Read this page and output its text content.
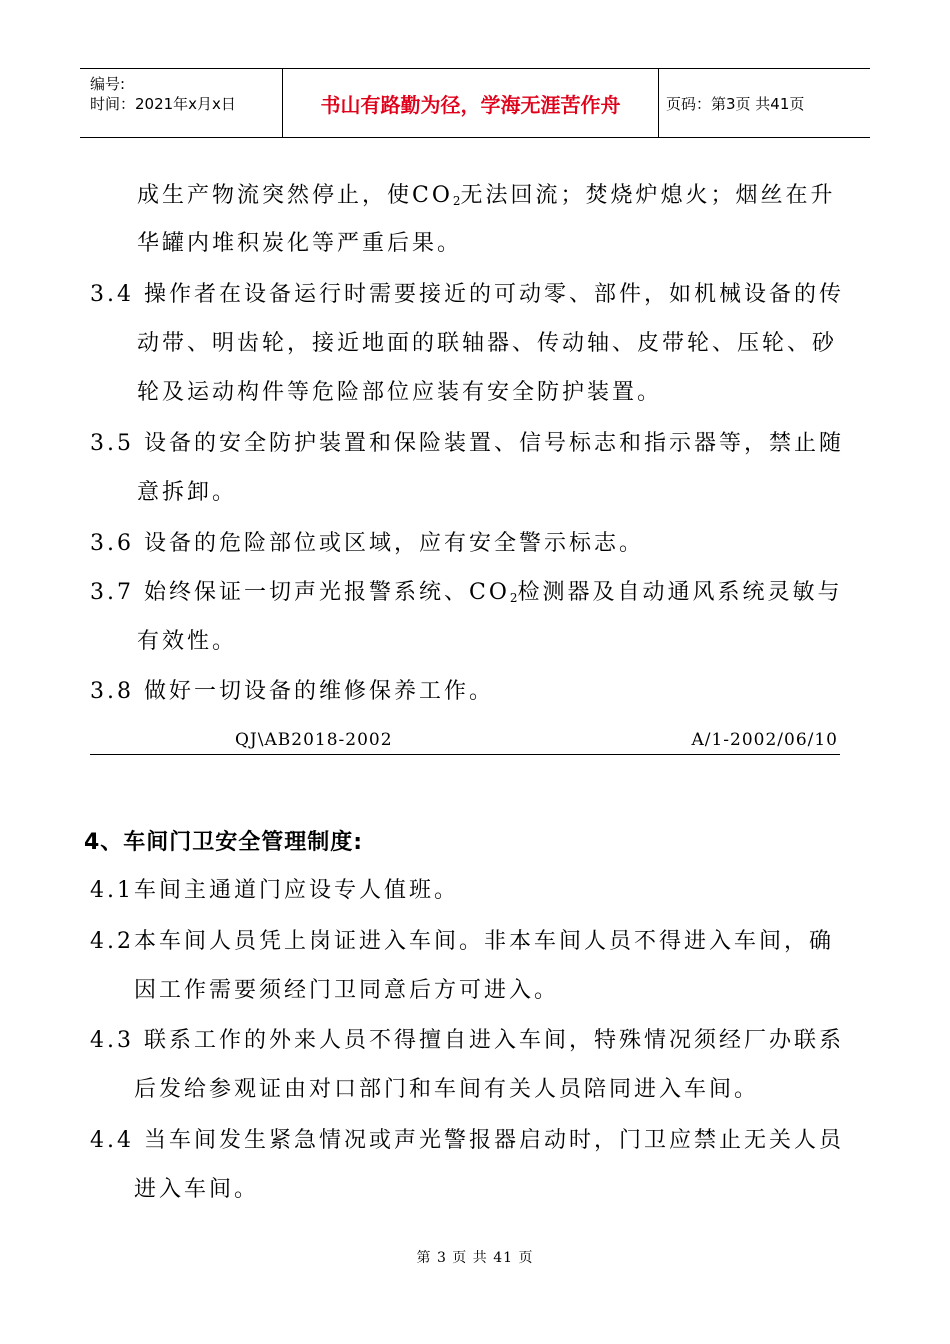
编号:
时间：2021年x月x日	书山有路勤为径，学海无涯苦作舟	页码：第3页 共41页
成生产物流突然停止，使$CO_2$无法回流；焚烧炉熄火；烟丝在升
华罐内堆积炭化等严重后果。
3.4 操作者在设备运行时需要接近的可动零、部件，如机械设备的传
动带、明齿轮，接近地面的联轴器、传动轴、皮带轮、压轮、砂
轮及运动构件等危险部位应装有安全防护装置。
3.5 设备的安全防护装置和保险装置、信号标志和指示器等，禁止随
意拆卸。
3.6 设备的危险部位或区域，应有安全警示标志。
3.7 始终保证一切声光报警系统、$CO_2$检测器及自动通风系统灵敏与
有效性。
3.8 做好一切设备的维修保养工作。
QJ\AB2018-2002	A/1-2002/06/10
4、车间门卫安全管理制度:
4.1车间主通道门应设专人值班。
4.2本车间人员凭上岗证进入车间。非本车间人员不得进入车间，确
因工作需要须经门卫同意后方可进入。
4.3 联系工作的外来人员不得擅自进入车间，特殊情况须经厂办联系
后发给参观证由对口部门和车间有关人员陪同进入车间。
4.4 当车间发生紧急情况或声光警报器启动时，门卫应禁止无关人员
进入车间。
第 3 页 共 41 页
